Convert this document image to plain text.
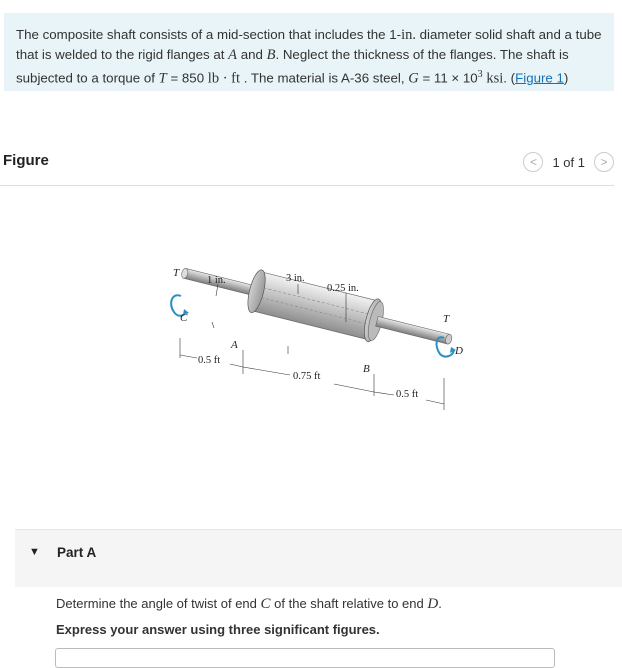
The composite shaft consists of a mid-section that includes the 1-in. diameter solid shaft and a tube
that is welded to the rigid flanges at A and B. Neglect the thickness of the flanges. The shaft is
subjected to a torque of T = 850 lb · ft . The material is A-36 steel, $G = 11 \times 10^3$ ksi. (Figure 1)
Figure	< 1 of 1 >
T
1 in.	3 in.
0.25 in.
C
A
B
T
D
0.5 ft
0.75 ft
0.5 ft
▼ Part A
Determine the angle of twist of end C of the shaft relative to end D.
Express your answer using three significant figures.
